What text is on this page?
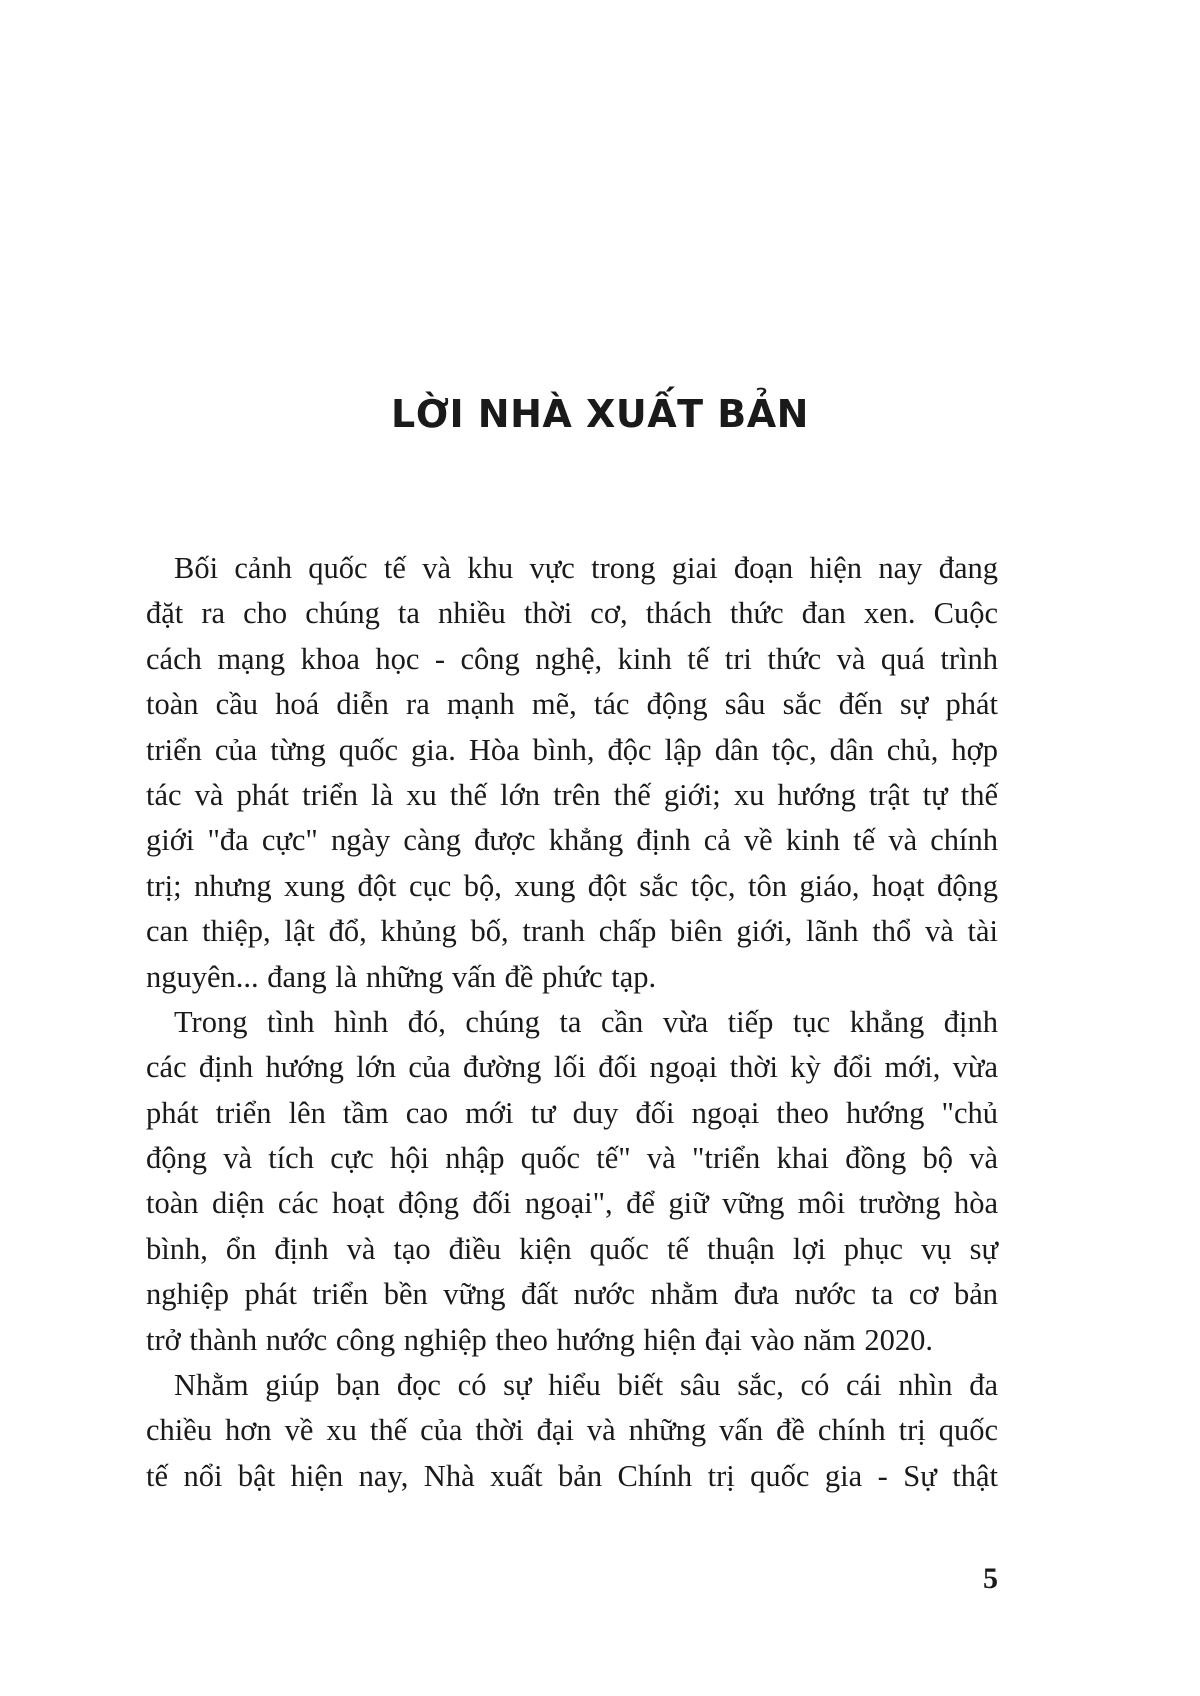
LỜI NHÀ XUẤT BẢN
Bối cảnh quốc tế và khu vực trong giai đoạn hiện nay đang
đặt ra cho chúng ta nhiều thời cơ, thách thức đan xen. Cuộc
cách mạng khoa học - công nghệ, kinh tế tri thức và quá trình
toàn cầu hoá diễn ra mạnh mẽ, tác động sâu sắc đến sự phát
triển của từng quốc gia. Hòa bình, độc lập dân tộc, dân chủ, hợp
tác và phát triển là xu thế lớn trên thế giới; xu hướng trật tự thế
giới "đa cực" ngày càng được khẳng định cả về kinh tế và chính
trị; nhưng xung đột cục bộ, xung đột sắc tộc, tôn giáo, hoạt động
can thiệp, lật đổ, khủng bố, tranh chấp biên giới, lãnh thổ và tài
nguyên... đang là những vấn đề phức tạp.
Trong tình hình đó, chúng ta cần vừa tiếp tục khẳng định
các định hướng lớn của đường lối đối ngoại thời kỳ đổi mới, vừa
phát triển lên tầm cao mới tư duy đối ngoại theo hướng "chủ
động và tích cực hội nhập quốc tế" và "triển khai đồng bộ và
toàn diện các hoạt động đối ngoại", để giữ vững môi trường hòa
bình, ổn định và tạo điều kiện quốc tế thuận lợi phục vụ sự
nghiệp phát triển bền vững đất nước nhằm đưa nước ta cơ bản
trở thành nước công nghiệp theo hướng hiện đại vào năm 2020.
Nhằm giúp bạn đọc có sự hiểu biết sâu sắc, có cái nhìn đa
chiều hơn về xu thế của thời đại và những vấn đề chính trị quốc
tế nổi bật hiện nay, Nhà xuất bản Chính trị quốc gia - Sự thật
5
